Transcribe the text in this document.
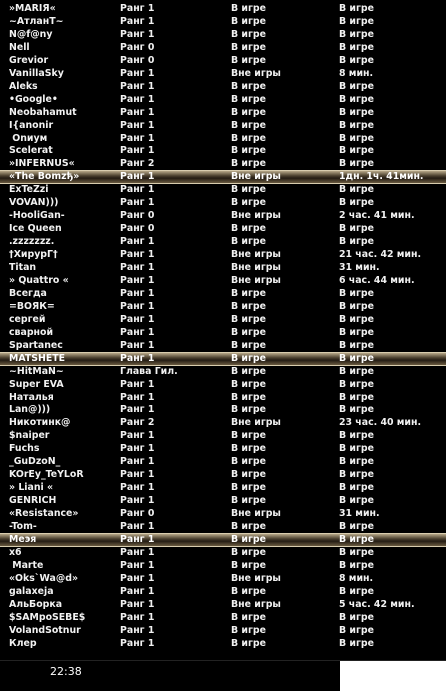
»MARIЯ«	Ранг 1	В игре	В игре
~АтланТ~	Ранг 1	В игре	В игре
N@f@ny	Ранг 1	В игре	В игре
Nell	Ранг 0	В игре	В игре
Grevior	Ранг 0	В игре	В игре
VanillaSky	Ранг 1	Вне игры	8 мин.
Aleks	Ранг 1	В игре	В игре
•Google•	Ранг 1	В игре	В игре
Neobahamut	Ранг 1	В игре	В игре
I{anonir	Ранг 1	В игре	В игре
Onиум	Ранг 1	В игре	В игре
Scelerat	Ранг 1	В игре	В игре
»INFERNUS«	Ранг 2	В игре	В игре
«The Bomzђ»	Ранг 1	Вне игры	1дн. 1ч. 41мин.
ExTeZzi	Ранг 1	В игре	В игре
VOVAN)))	Ранг 1	В игре	В игре
-HooliGan-	Ранг 0	Вне игры	2 час. 41 мин.
Ice Queen	Ранг 0	В игре	В игре
.zzzzzzz.	Ранг 1	В игре	В игре
†ХирурГ†	Ранг 1	Вне игры	21 час. 42 мин.
Titan	Ранг 1	Вне игры	31 мин.
» Quattro «	Ранг 1	Вне игры	6 час. 44 мин.
Всегда	Ранг 1	В игре	В игре
=ВОЯК=	Ранг 1	В игре	В игре
сергей	Ранг 1	В игре	В игре
сварной	Ранг 1	В игре	В игре
Spartanec	Ранг 1	В игре	В игре
MATSHETE	Ранг 1	В игре	В игре
~HitMaN~	Глава Гил.	В игре	В игре
Super EVA	Ранг 1	В игре	В игре
Наталья	Ранг 1	В игре	В игре
Lan@)))	Ранг 1	В игре	В игре
Никотинк@	Ранг 2	Вне игры	23 час. 40 мин.
$naiper	Ранг 1	В игре	В игре
Fuchs	Ранг 1	В игре	В игре
_GuDzoN_	Ранг 1	В игре	В игре
KOrEy_TeYLoR	Ранг 1	В игре	В игре
» Liani «	Ранг 1	В игре	В игре
GENRICH	Ранг 1	В игре	В игре
«Resistance»	Ранг 0	Вне игры	31 мин.
-Tom-	Ранг 1	В игре	В игре
Меэя	Ранг 1	В игре	В игре
x6	Ранг 1	В игре	В игре
Marte	Ранг 1	В игре	В игре
«Oks`Wa@d»	Ранг 1	Вне игры	8 мин.
galaxeja	Ранг 1	В игре	В игре
АльБорка	Ранг 1	Вне игры	5 час. 42 мин.
$SAMpoSEBE$	Ранг 1	В игре	В игре
VolandSotnur	Ранг 1	В игре	В игре
Клер	Ранг 1	В игре	В игре
22:38
